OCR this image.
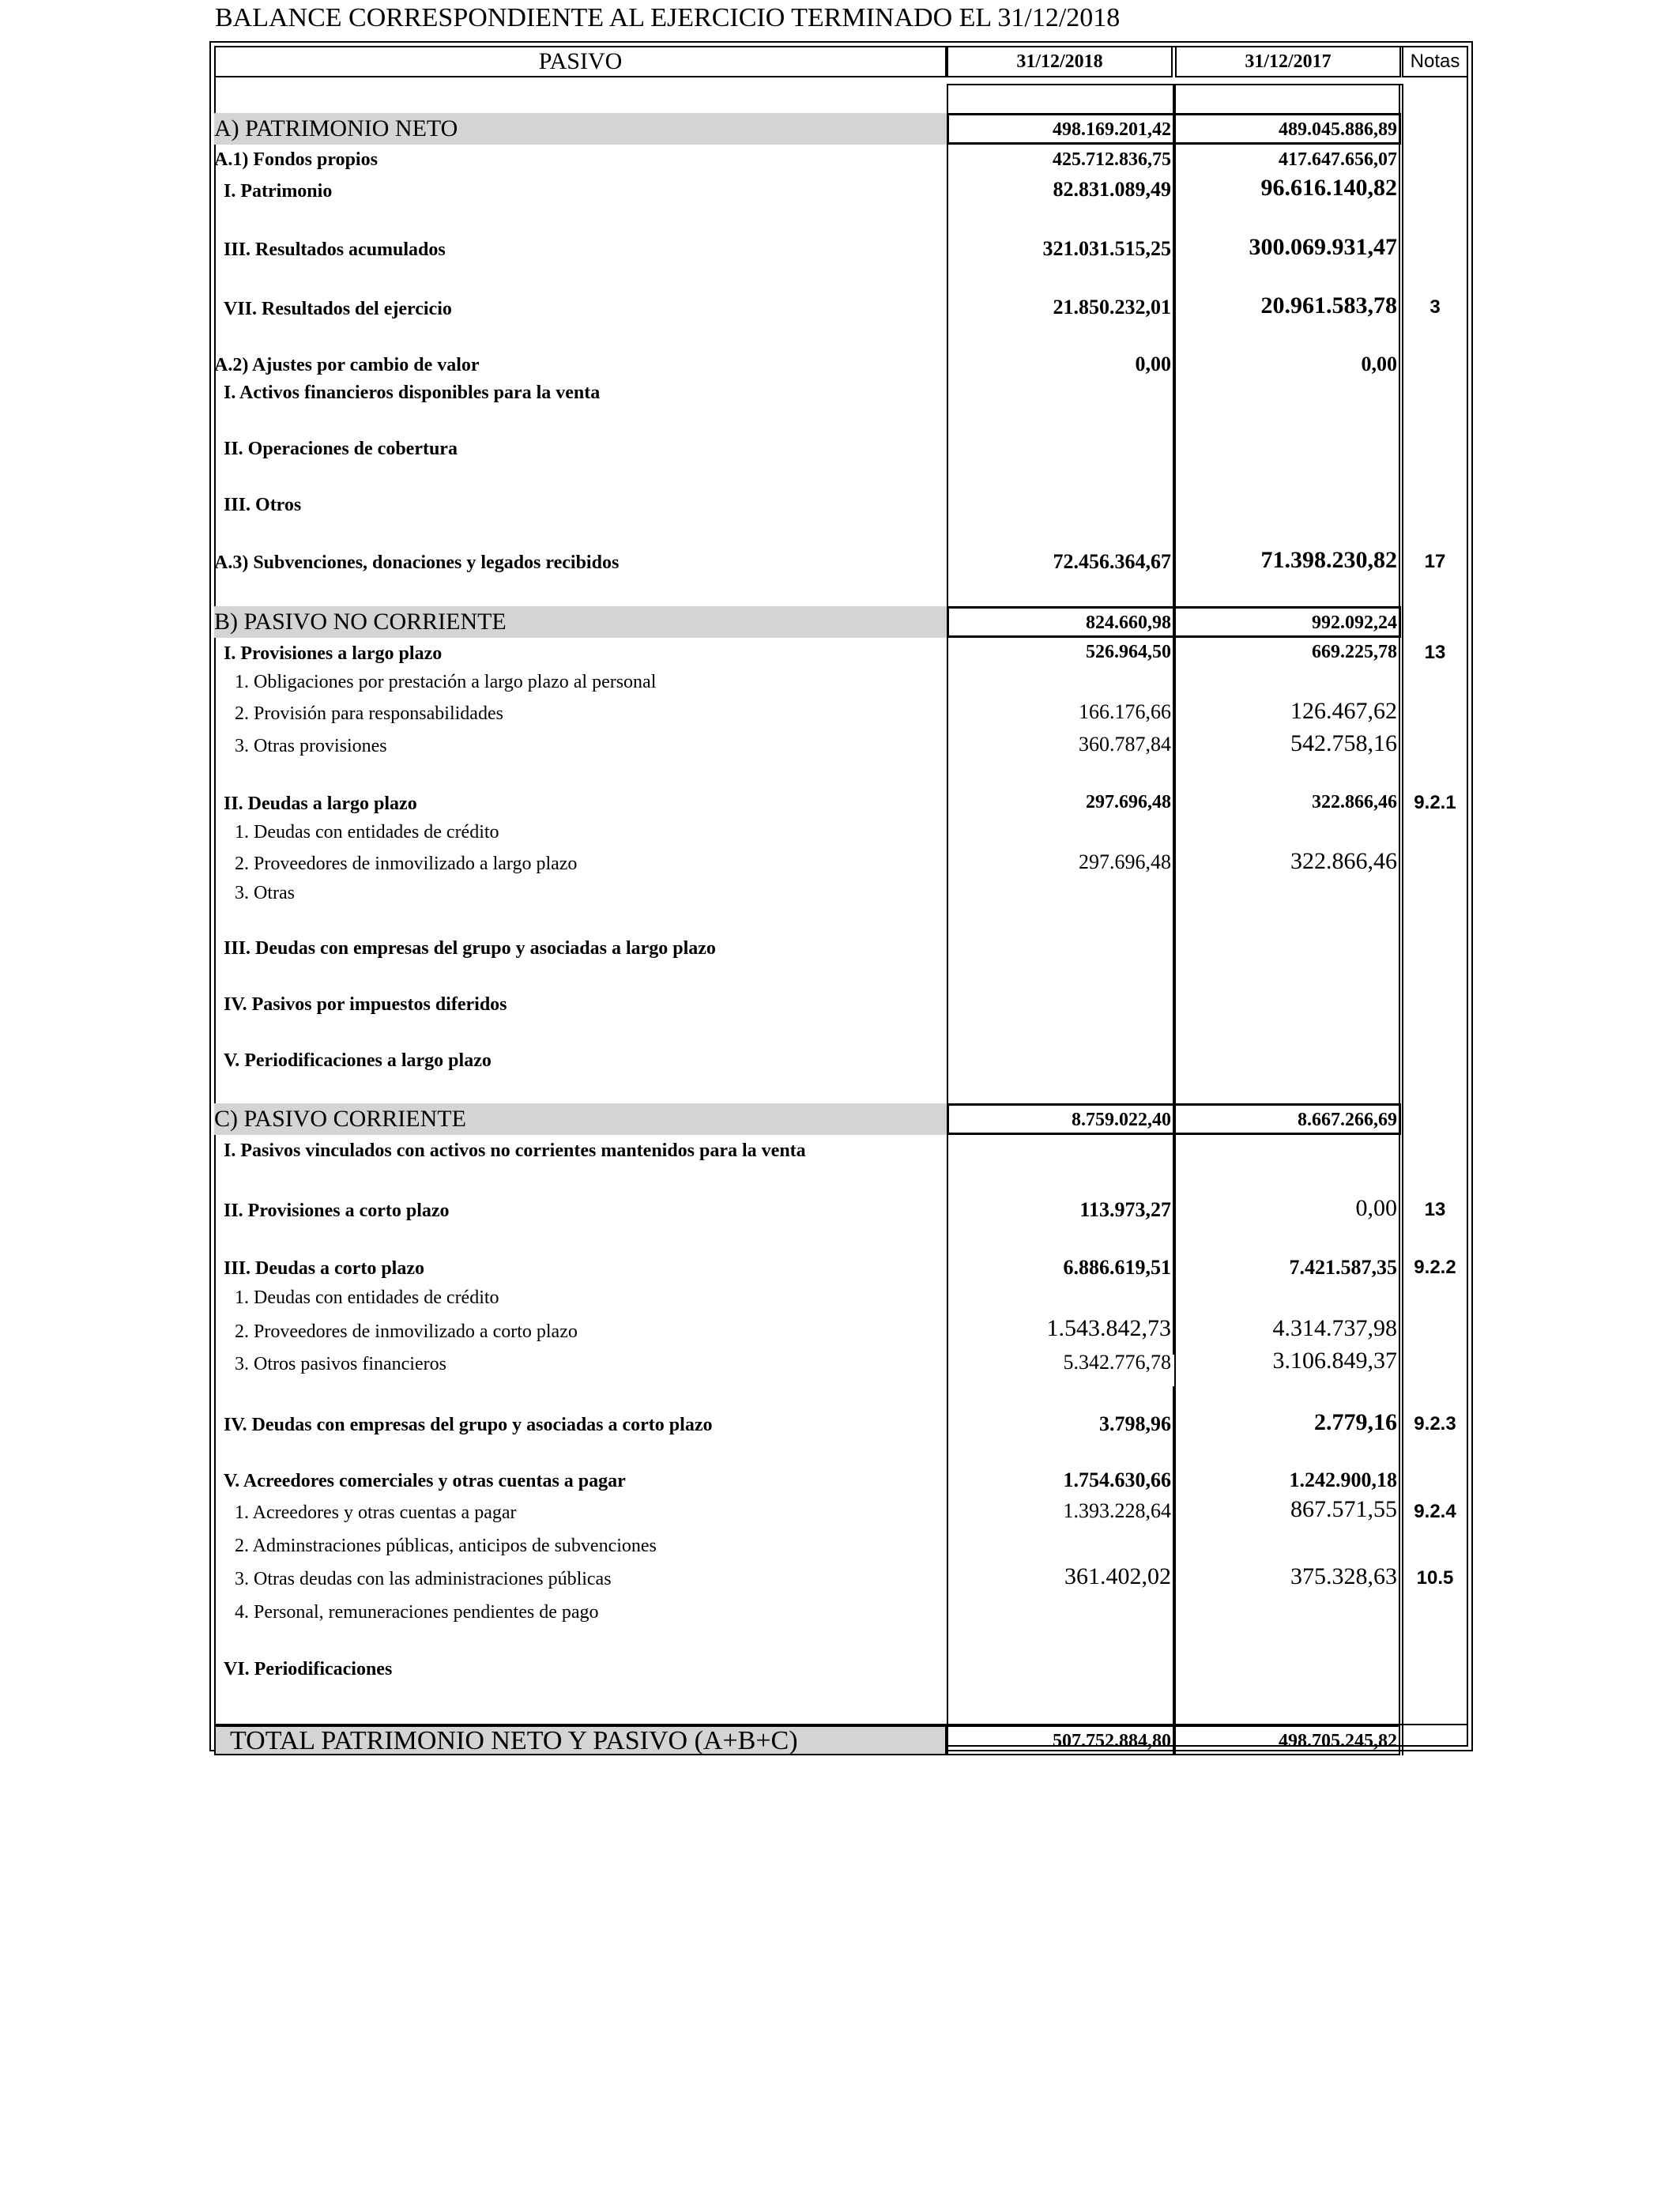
BALANCE CORRESPONDIENTE AL EJERCICIO TERMINADO EL 31/12/2018
PASIVO	31/12/2018	31/12/2017	Notas
A) PATRIMONIO NETO	498.169.201,42	489.045.886,89
A.1) Fondos propios	425.712.836,75	417.647.656,07
I. Patrimonio	82.831.089,49	96.616.140,82
III. Resultados acumulados	321.031.515,25	300.069.931,47
VII. Resultados del ejercicio	21.850.232,01	20.961.583,78	3
A.2) Ajustes por cambio de valor	0,00	0,00
I. Activos financieros disponibles para la venta
II. Operaciones de cobertura
III. Otros
A.3) Subvenciones, donaciones y legados recibidos	72.456.364,67	71.398.230,82	17
B) PASIVO NO CORRIENTE	824.660,98	992.092,24
I. Provisiones a largo plazo	526.964,50	669.225,78	13
1. Obligaciones por prestación a largo plazo al personal
2. Provisión para responsabilidades	166.176,66	126.467,62
3. Otras provisiones	360.787,84	542.758,16
II. Deudas a largo plazo	297.696,48	322.866,46 9.2.1
1. Deudas con entidades de crédito
2. Proveedores de inmovilizado a largo plazo	297.696,48	322.866,46
3. Otras
III. Deudas con empresas del grupo y asociadas a largo plazo
IV. Pasivos por impuestos diferidos
V. Periodificaciones a largo plazo
C) PASIVO CORRIENTE	8.759.022,40	8.667.266,69
I. Pasivos vinculados con activos no corrientes mantenidos para la venta
II. Provisiones a corto plazo	113.973,27	0,00	13
III. Deudas a corto plazo	6.886.619,51	7.421.587,35 9.2.2
1. Deudas con entidades de crédito
2. Proveedores de inmovilizado a corto plazo	1.543.842,73	4.314.737,98
3. Otros pasivos financieros	5.342.776,78	3.106.849,37
IV. Deudas con empresas del grupo y asociadas a corto plazo	3.798,96	2.779,16 9.2.3
V. Acreedores comerciales y otras cuentas a pagar	1.754.630,66	1.242.900,18
1. Acreedores y otras cuentas a pagar	1.393.228,64	867.571,55 9.2.4
2. Adminstraciones públicas, anticipos de subvenciones
3. Otras deudas con las administraciones públicas	361.402,02	375.328,63	10.5
4. Personal, remuneraciones pendientes de pago
VI. Periodificaciones
TOTAL PATRIMONIO NETO Y PASIVO (A+B+C)	507.752.884,80	498.705.245,82
